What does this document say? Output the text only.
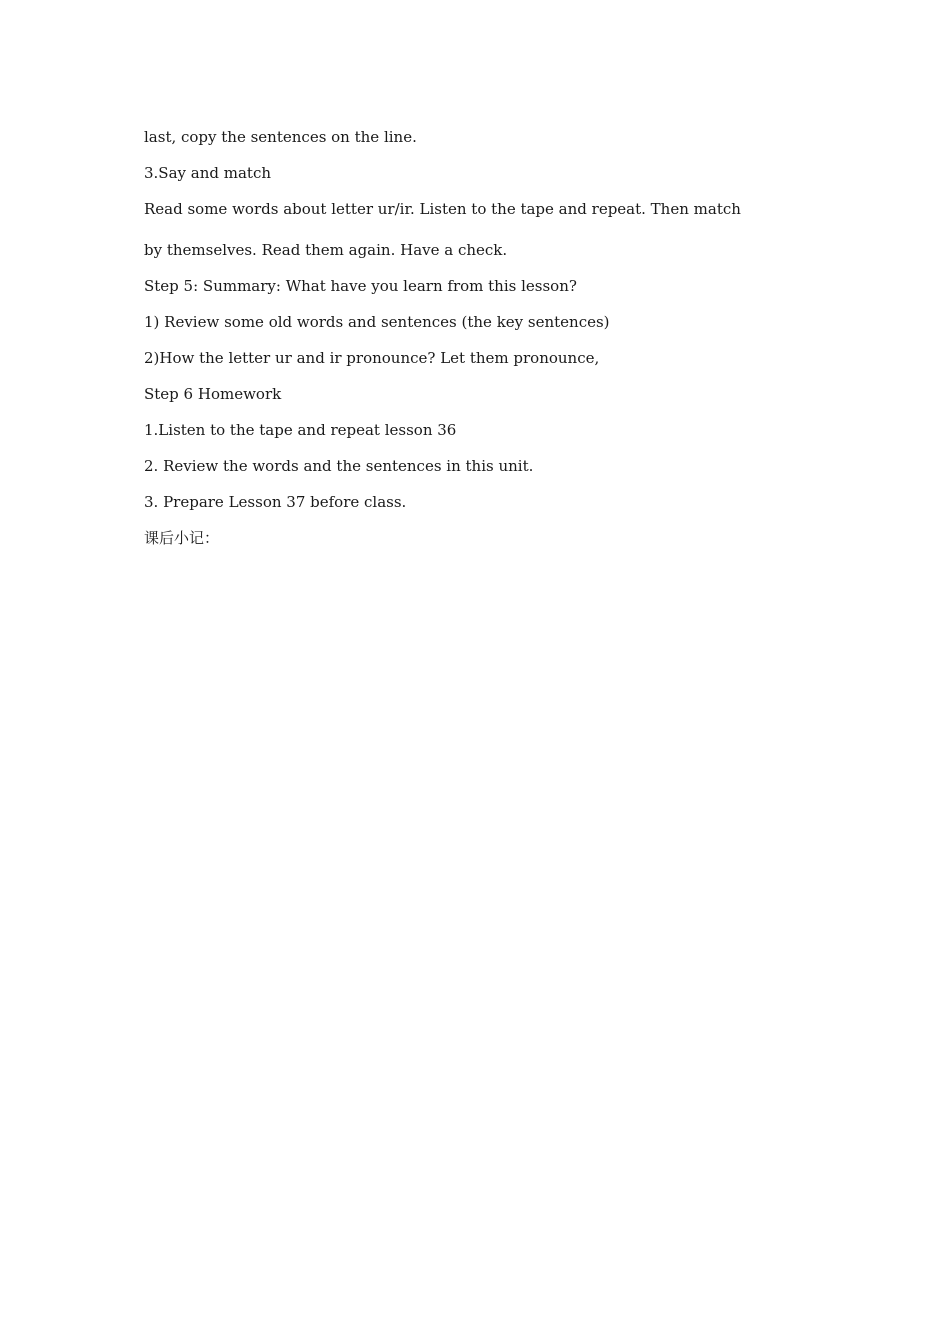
last, copy the sentences on the line.
3.Say and match
Read some words about letter ur/ir. Listen to the tape and repeat. Then match
by themselves. Read them again. Have a check.
Step 5: Summary: What have you learn from this lesson?
1) Review some old words and sentences (the key sentences)
2)How the letter ur and ir pronounce? Let them pronounce,
Step 6 Homework
1.Listen to the tape and repeat lesson 36
2. Review the words and the sentences in this unit.
3. Prepare Lesson 37 before class.
课后小记：
